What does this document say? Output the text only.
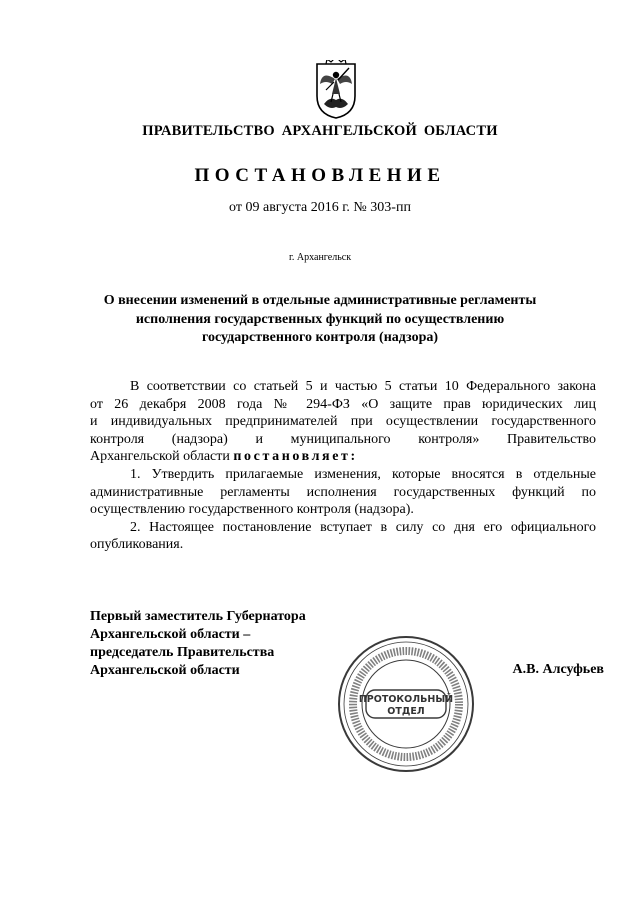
ПРАВИТЕЛЬСТВО АРХАНГЕЛЬСКОЙ ОБЛАСТИ
ПОСТАНОВЛЕНИЕ
от 09 августа 2016 г. № 303-пп
г. Архангельск
О внесении изменений в отдельные административные регламенты
исполнения государственных функций по осуществлению
государственного контроля (надзора)

В соответствии со статьей 5 и частью 5 статьи 10 Федерального закона

от 26 декабря 2008 года № 294-ФЗ «О защите прав юридических лиц

и индивидуальных предпринимателей при осуществлении государственного

контроля (надзора) и муниципального контроля» Правительство

Архангельской области постановляет:

1. Утвердить прилагаемые изменения, которые вносятся в отдельные административные регламенты исполнения государственных функций по осуществлению государственного контроля (надзора).

2. Настоящее постановление вступает в силу со дня его официального опубликования.

Первый заместитель Губернатора
Архангельской области –
председатель Правительства
Архангельской области
ПРОТОКОЛЬНЫЙ
ОТДЕЛ
А.В. Алсуфьев
